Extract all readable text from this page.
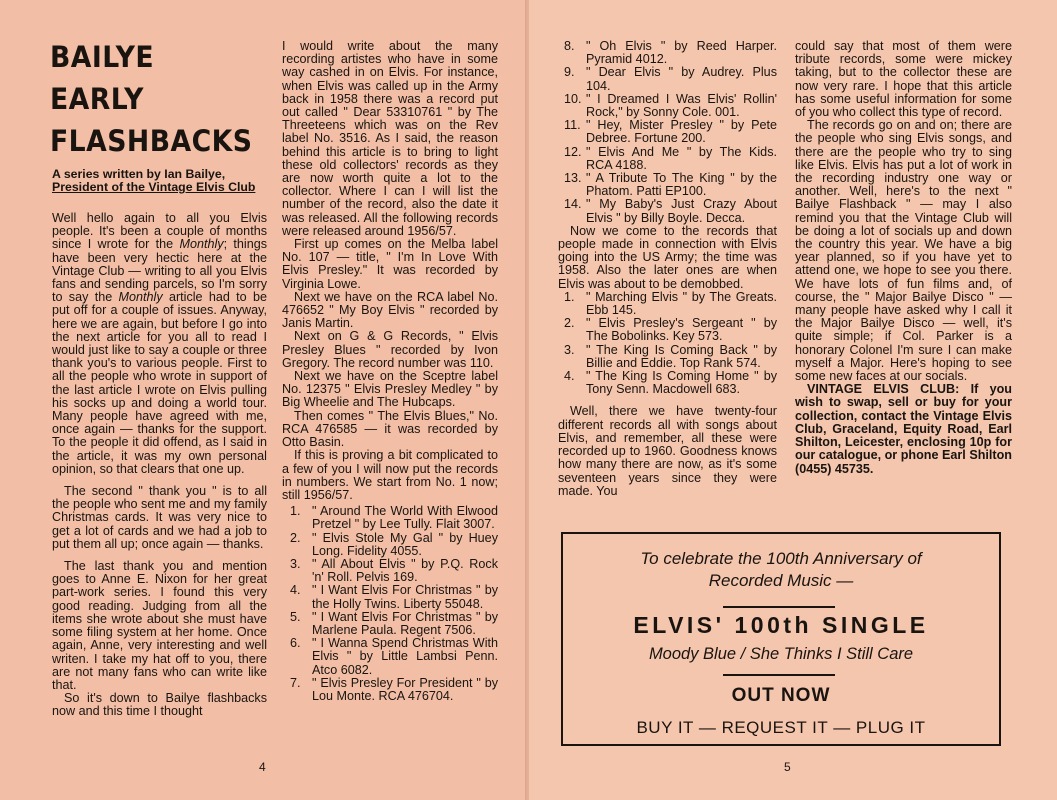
BAILYE
EARLY
FLASHBACKS
A series written by Ian Bailye,
President of the Vintage Elvis Club

Well hello again to all you Elvis people. It's been a couple of months since I wrote for the Monthly; things have been very hectic here at the Vintage Club — writing to all you Elvis fans and sending parcels, so I'm sorry to say the Monthly article had to be put off for a couple of issues. Anyway, here we are again, but before I go into the next article for you all to read I would just like to say a couple or three thank you's to various people. First to all the people who wrote in support of the last article I wrote on Elvis pulling his socks up and doing a world tour. Many people have agreed with me, once again — thanks for the support. To the people it did offend, as I said in the article, it was my own personal opinion, so that clears that one up.

The second " thank you " is to all the people who sent me and my family Christmas cards. It was very nice to get a lot of cards and we had a job to put them all up; once again — thanks.

The last thank you and mention goes to Anne E. Nixon for her great part-work series. I found this very good reading. Judging from all the items she wrote about she must have some filing system at her home. Once again, Anne, very interesting and well writen. I take my hat off to you, there are not many fans who can write like that.

So it's down to Bailye flashbacks now and this time I thought

I would write about the many recording artistes who have in some way cashed in on Elvis. For instance, when Elvis was called up in the Army back in 1958 there was a record put out called " Dear 53310761 " by The Threeteens which was on the Rev label No. 3516. As I said, the reason behind this article is to bring to light these old collectors' records as they are now worth quite a lot to the collector. Where I can I will list the number of the record, also the date it was released. All the following records were released around 1956/57.

First up comes on the Melba label No. 107 — title, " I'm In Love With Elvis Presley." It was recorded by Virginia Lowe.

Next we have on the RCA label No. 476652 " My Boy Elvis " recorded by Janis Martin.

Next on G & G Records, " Elvis Presley Blues " recorded by Ivon Gregory. The record number was 110.

Next we have on the Sceptre label No. 12375 " Elvis Presley Medley " by Big Wheelie and The Hubcaps.

Then comes " The Elvis Blues," No. RCA 476585 — it was recorded by Otto Basin.

If this is proving a bit complicated to a few of you I will now put the records in numbers. We start from No. 1 now; still 1956/57.

1. " Around The World With Elwood Pretzel " by Lee Tully. Flait 3007.
2. " Elvis Stole My Gal " by Huey Long. Fidelity 4055.
3. " All About Elvis " by P.Q. Rock 'n' Roll. Pelvis 169.
4. " I Want Elvis For Christmas " by the Holly Twins. Liberty 55048.
5. " I Want Elvis For Christmas " by Marlene Paula. Regent 7506.
6. " I Wanna Spend Christmas With Elvis " by Little Lambsi Penn. Atco 6082.
7. " Elvis Presley For President " by Lou Monte. RCA 476704.
4
8. " Oh Elvis " by Reed Harper. Pyramid 4012.
9. " Dear Elvis " by Audrey. Plus 104.
10. " I Dreamed I Was Elvis' Rollin' Rock," by Sonny Cole. 001.
11. " Hey, Mister Presley " by Pete Debree. Fortune 200.
12. " Elvis And Me " by The Kids. RCA 4188.
13. " A Tribute To The King " by the Phatom. Patti EP100.
14. " My Baby's Just Crazy About Elvis " by Billy Boyle. Decca.

Now we come to the records that people made in connection with Elvis going into the US Army; the time was 1958. Also the later ones are when Elvis was about to be demobbed.

1. " Marching Elvis " by The Greats. Ebb 145.
2. " Elvis Presley's Sergeant " by The Bobolinks. Key 573.
3. " The King Is Coming Back " by Billie and Eddie. Top Rank 574.
4. " The King Is Coming Home " by Tony Senn. Macdowell 683.

Well, there we have twenty-four different records all with songs about Elvis, and remember, all these were recorded up to 1960. Goodness knows how many there are now, as it's some seventeen years since they were made. You

could say that most of them were tribute records, some were mickey taking, but to the collector these are now very rare. I hope that this article has some useful information for some of you who collect this type of record.

The records go on and on; there are the people who sing Elvis songs, and there are the people who try to sing like Elvis. Elvis has put a lot of work in the recording industry one way or another. Well, here's to the next " Bailye Flashback " — may I also remind you that the Vintage Club will be doing a lot of socials up and down the country this year. We have a big year planned, so if you have yet to attend one, we hope to see you there. We have lots of fun films and, of course, the " Major Bailye Disco " — many people have asked why I call it the Major Bailye Disco — well, it's quite simple; if Col. Parker is a honorary Colonel I'm sure I can make myself a Major. Here's hoping to see some new faces at our socials.

VINTAGE ELVIS CLUB: If you wish to swap, sell or buy for your collection, contact the Vintage Elvis Club, Graceland, Equity Road, Earl Shilton, Leicester, enclosing 10p for our catalogue, or phone Earl Shilton (0455) 45735.

To celebrate the 100th Anniversary of
Recorded Music —
ELVIS' 100th SINGLE
Moody Blue / She Thinks I Still Care
OUT NOW
BUY IT — REQUEST IT — PLUG IT
5
